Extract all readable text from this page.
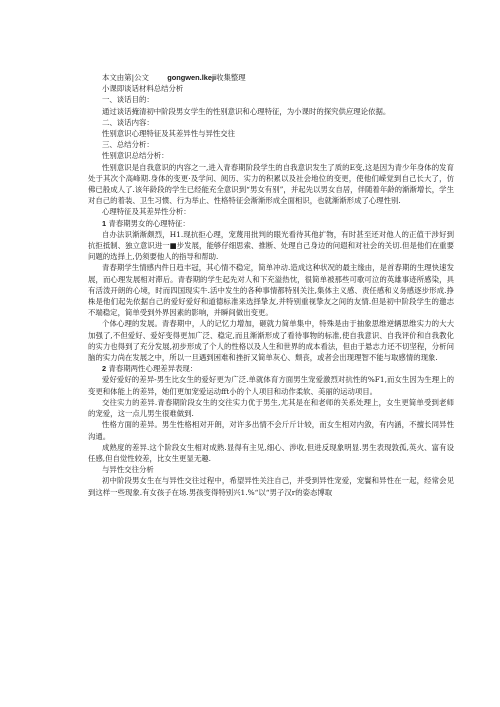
本文由第|公文 gongwen.lkeji收集整理
小课即谈话材料总结分析
一、谈话目的：
通过谈话掩清初中阶段男女学生的性别意识和心理特征，为小课时的探究供应理论依据。
二、谈话内容：
性别意识心理特征及其差异性与异性交往
三、总结分析：
性别意识总结分析：

性别意识是自我意识的内容之一,进入青春期阶段学生的自我意识发生了质的E变,这是因为青少年身体的发育处于其次个高峰期.身体的变更·及学问、阅历、实力的积累以及社会地位的变更，使他们嵘觉到自己长大了，仿佛已般成人了.该年龄段的学生已经能充全意识到“男女有别”，并起先以男女自居，伴随着年龄的渐渐增长，学生对自己的着装、卫生习惯、行为举止、性格特征会渐渐形成全面相识，也就渐渐形成了心理性别.

心理特征及其差异性分析：
1 青春期男女的心理特征：

自办法识渐渐颇烈，H1.现抗拒心理，宠蔑用批判的眼光看待其他扩物，有时甚至还对他人的正值干涉好到抗拒抵制、独立意识进一■步发展，能够仔细思索、推断、处理自己身边的问遐和对社会的关切.但是他们在重要问题的选择上,仍须要他人的指导和帮助.

青春期学生情感内件日趋丰冠，其心情不稳定，简单冲动.造成这种状况的最主缘由，是首春期的生理快速发展，而心理发展相对滞后。青春期的学生起先对人和下充溢热忱，很简单被那些可歌可泣的英雄事迹所感染，具有活泼开朗的心境，时而四国现实牛.活中发生的各种事情都特别关注,集体主义感、责任感和义务感逐步形成.挣株是他们起先依据自己的爱好爱好和道德标准来选择挚友,并特别重视挚友之间的友情.但是初中阶段学生的邀志不端稳定，简单受到外界因素的影响，并瞬间做出变更。

个体心理的发展。青春期中，人的记忆力增加，砸就力简单集中，特殊是由于抽象思维逆辆思维实力的大大加强了,不但爱好、爱好变得更加广泛、稳定,而且渐渐形成了看待事物的标准,使自我意识、自我评价和自我教化的实力也得到了充分发展,初步形成了个人的性格以及人生和世界的成本看法，但由于悬志力还不切坚程，分析问脑的实力尚在发展之中，所以一旦遇到困难和挫折又简单灰心、颓丧，或者会出现理智不能与取感情的现象.

2 青春期两性心理差异表现：

爱好爱好的差异-男生比女生的爱好更为广泛.单就体育方面男生宠爱激烈对抗性的%F1,而女生因为生理上的变更和体能上的差异，她们更加宠爱运动fft小的个人项目和动作柔软、美丽的运动项目。

交往实力的差异.青春期阶段女生的交往实力优于男生,尤其是在和老师的关系处理上，女生更简单受到老师的宠爱，这一点儿男生很难做到.

性格方面的差异。男生性格相对开朗，对许多出情不会斤斤计较，而女生相对内敛，有内涵，不擅长同异性沟通。

成熟度的差异.这个阶段女生相对成熟.显得有主见,细心、涉收,但进反现象明显.男生表现敦孤,英火、富有设任感,但自觉性较差，比女生更显无趣.

与异性交往分析

初中阶段男女生在与异性交往过程中，希望异性关注自己，并受到异性宠爱，宠鬟和异性在一起，经常会见到这样一些现象.有女孩子在场.男孩变得特别兴1.%“以“男子汉r的姿态博取
